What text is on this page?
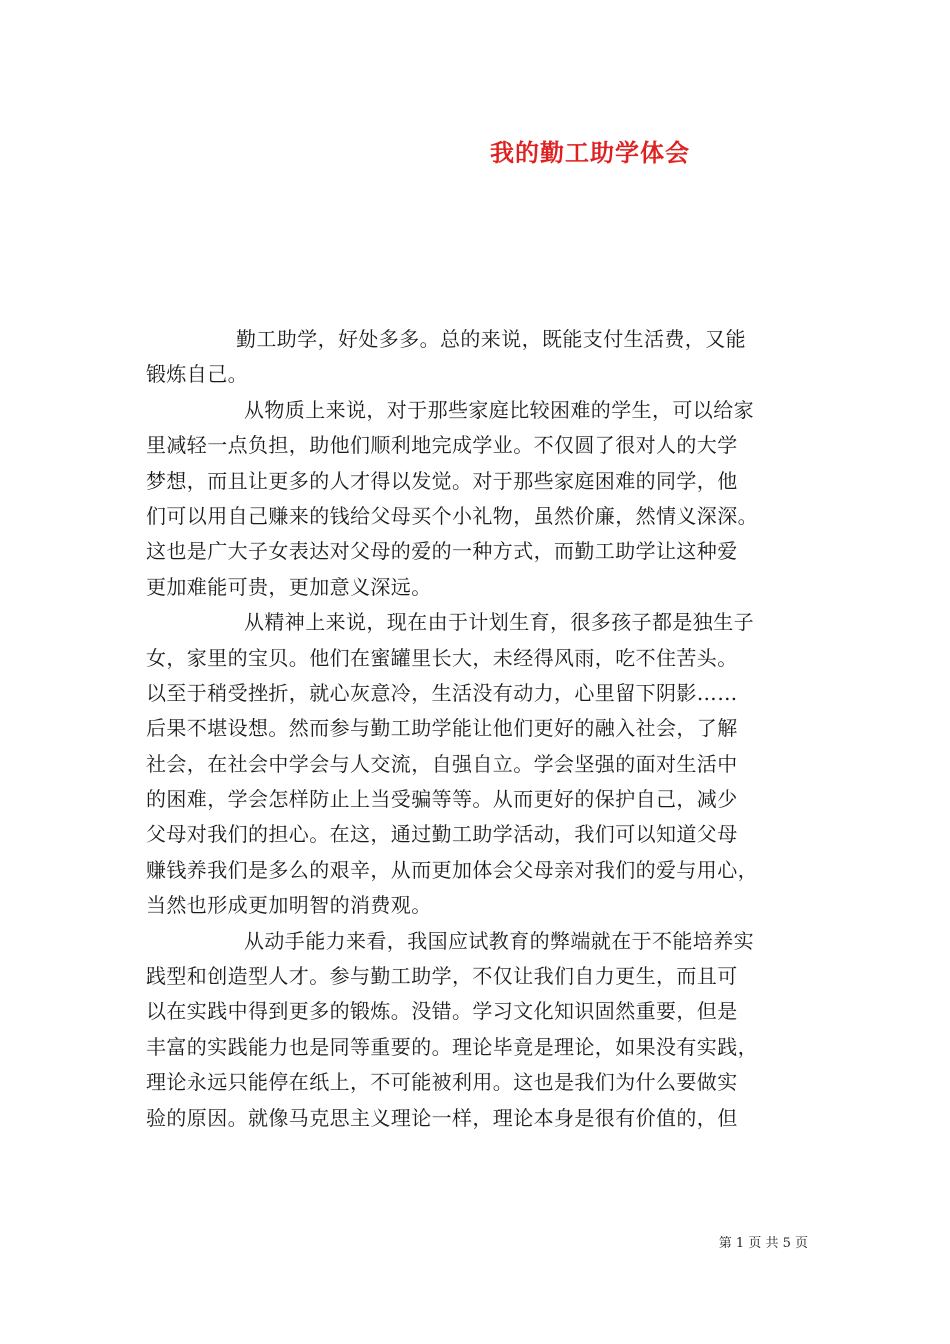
我的勤工助学体会
勤工助学，好处多多。总的来说，既能支付生活费，又能
锻炼自己。
从物质上来说，对于那些家庭比较困难的学生，可以给家
里减轻一点负担，助他们顺利地完成学业。不仅圆了很对人的大学
梦想，而且让更多的人才得以发觉。对于那些家庭困难的同学，他
们可以用自己赚来的钱给父母买个小礼物，虽然价廉，然情义深深。
这也是广大子女表达对父母的爱的一种方式，而勤工助学让这种爱
更加难能可贵，更加意义深远。
从精神上来说，现在由于计划生育，很多孩子都是独生子
女，家里的宝贝。他们在蜜罐里长大，未经得风雨，吃不住苦头。
以至于稍受挫折，就心灰意冷，生活没有动力，心里留下阴影……
后果不堪设想。然而参与勤工助学能让他们更好的融入社会，了解
社会，在社会中学会与人交流，自强自立。学会坚强的面对生活中
的困难，学会怎样防止上当受骗等等。从而更好的保护自己，减少
父母对我们的担心。在这，通过勤工助学活动，我们可以知道父母
赚钱养我们是多么的艰辛，从而更加体会父母亲对我们的爱与用心，
当然也形成更加明智的消费观。
从动手能力来看，我国应试教育的弊端就在于不能培养实
践型和创造型人才。参与勤工助学，不仅让我们自力更生，而且可
以在实践中得到更多的锻炼。没错。学习文化知识固然重要，但是
丰富的实践能力也是同等重要的。理论毕竟是理论，如果没有实践，
理论永远只能停在纸上，不可能被利用。这也是我们为什么要做实
验的原因。就像马克思主义理论一样，理论本身是很有价值的，但
第 1 页 共 5 页
